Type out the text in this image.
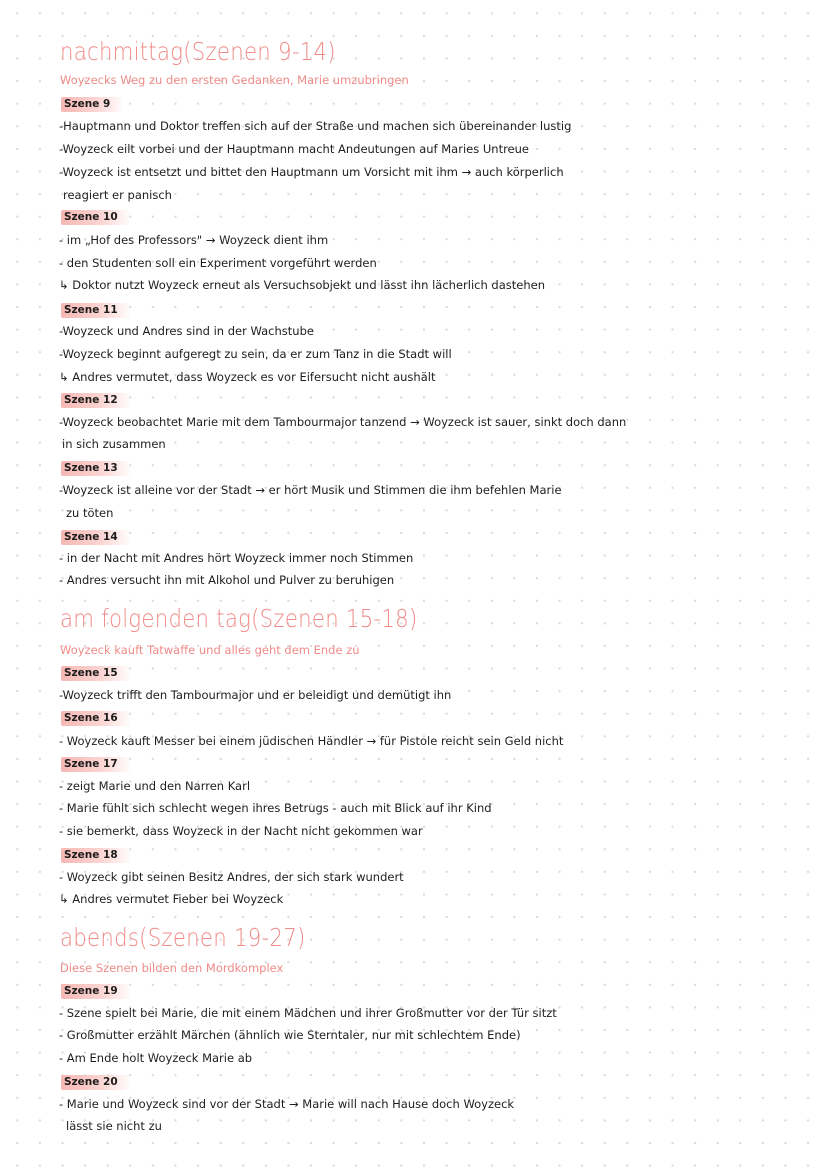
nachmittag(Szenen 9-14)
Woyzecks Weg zu den ersten Gedanken, Marie umzubringen
Szene 9
-Hauptmann und Doktor treffen sich auf der Straße und machen sich übereinander lustig
-Woyzeck eilt vorbei und der Hauptmann macht Andeutungen auf Maries Untreue
-Woyzeck ist entsetzt und bittet den Hauptmann um Vorsicht mit ihm → auch körperlich
reagiert er panisch
Szene 10
- im „Hof des Professors" → Woyzeck dient ihm
- den Studenten soll ein Experiment vorgeführt werden
↳ Doktor nutzt Woyzeck erneut als Versuchsobjekt und lässt ihn lächerlich dastehen
Szene 11
-Woyzeck und Andres sind in der Wachstube
-Woyzeck beginnt aufgeregt zu sein, da er zum Tanz in die Stadt will
↳ Andres vermutet, dass Woyzeck es vor Eifersucht nicht aushält
Szene 12
-Woyzeck beobachtet Marie mit dem Tambourmajor tanzend → Woyzeck ist sauer, sinkt doch dann
in sich zusammen
Szene 13
-Woyzeck ist alleine vor der Stadt → er hört Musik und Stimmen die ihm befehlen Marie
zu töten
Szene 14
- in der Nacht mit Andres hört Woyzeck immer noch Stimmen
- Andres versucht ihn mit Alkohol und Pulver zu beruhigen
am folgenden tag(Szenen 15-18)
Woyzeck kauft Tatwaffe und alles geht dem Ende zu
Szene 15
-Woyzeck trifft den Tambourmajor und er beleidigt und demütigt ihn
Szene 16
- Woyzeck kauft Messer bei einem jüdischen Händler → für Pistole reicht sein Geld nicht
Szene 17
- zeigt Marie und den Narren Karl
- Marie fühlt sich schlecht wegen ihres Betrugs - auch mit Blick auf ihr Kind
- sie bemerkt, dass Woyzeck in der Nacht nicht gekommen war
Szene 18
- Woyzeck gibt seinen Besitz Andres, der sich stark wundert
↳ Andres vermutet Fieber bei Woyzeck
abends(Szenen 19-27)
Diese Szenen bilden den Mordkomplex
Szene 19
- Szene spielt bei Marie, die mit einem Mädchen und ihrer Großmutter vor der Tür sitzt
- Großmutter erzählt Märchen (ähnlich wie Sterntaler, nur mit schlechtem Ende)
- Am Ende holt Woyzeck Marie ab
Szene 20
- Marie und Woyzeck sind vor der Stadt → Marie will nach Hause doch Woyzeck
lässt sie nicht zu
